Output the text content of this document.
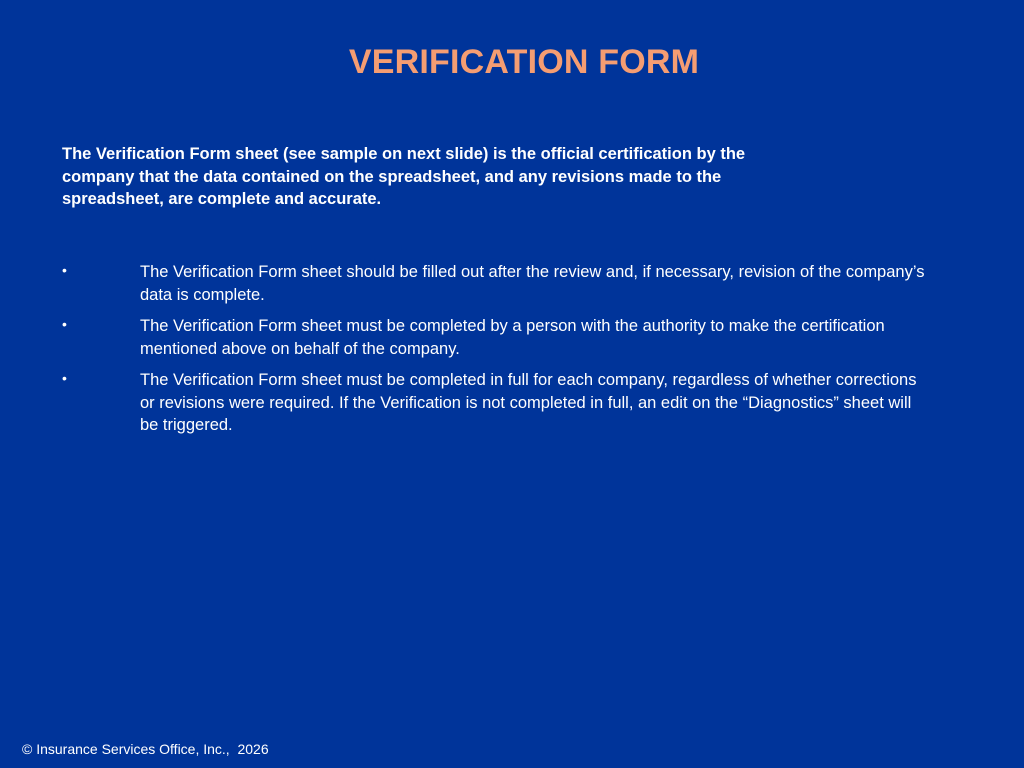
VERIFICATION FORM

The Verification Form sheet (see sample on next slide) is the official certification by the company that the data contained on the spreadsheet, and any revisions made to the spreadsheet, are complete and accurate.

•	The Verification Form sheet should be filled out after the review and, if necessary, revision of the company’s data is complete.
•	The Verification Form sheet must be completed by a person with the authority to make the certification mentioned above on behalf of the company.
•	The Verification Form sheet must be completed in full for each company, regardless of whether corrections or revisions were required. If the Verification is not completed in full, an edit on the “Diagnostics” sheet will be triggered.
© Insurance Services Office, Inc.,  2026
